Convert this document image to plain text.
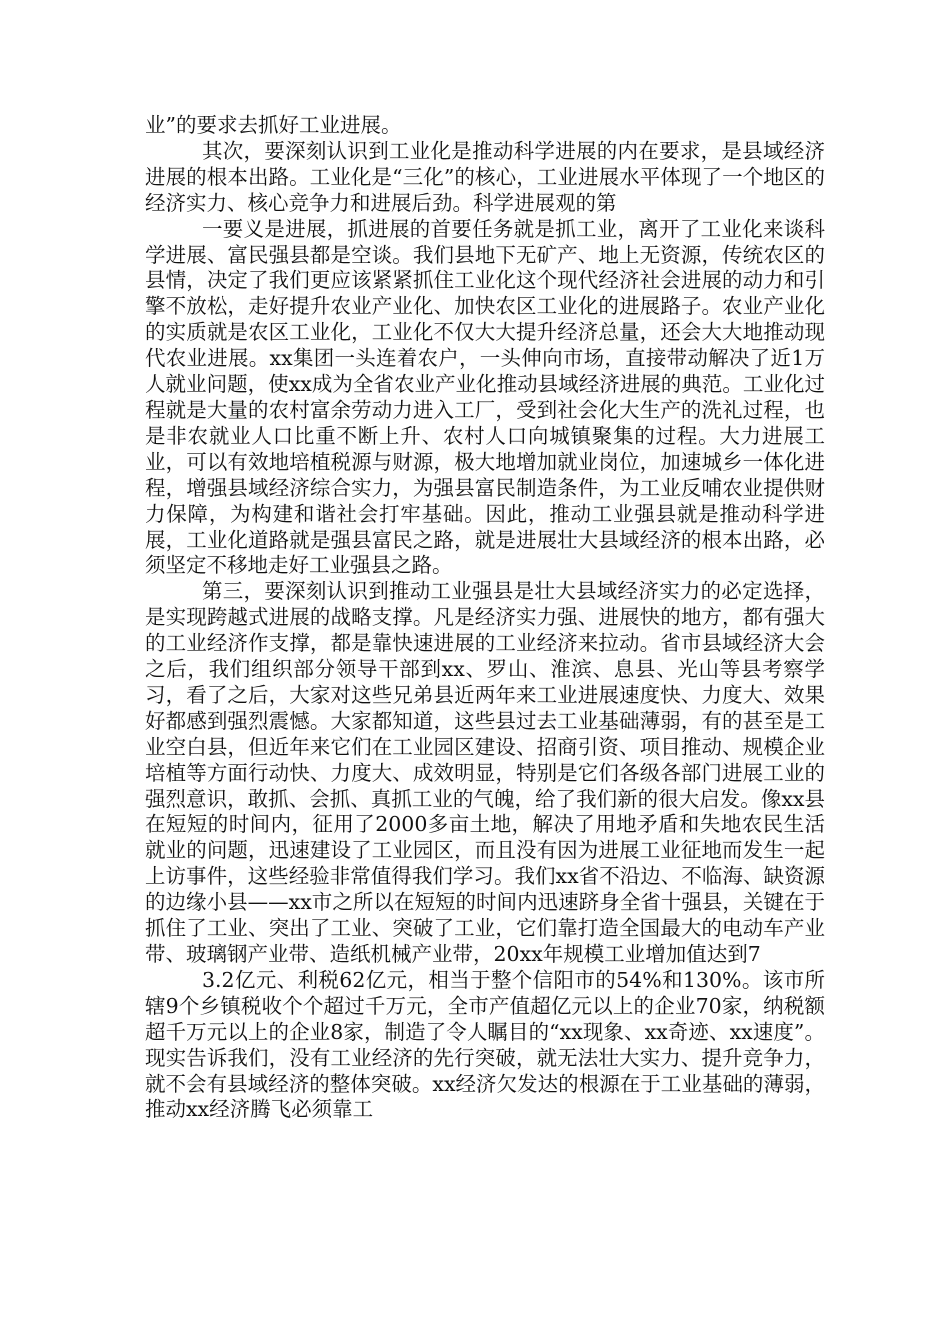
业”的要求去抓好工业进展。

其次，要深刻认识到工业化是推动科学进展的内在要求，是县域经济进展的根本出路。工业化是“三化”的核心，工业进展水平体现了一个地区的经济实力、核心竞争力和进展后劲。科学进展观的第

一要义是进展，抓进展的首要任务就是抓工业，离开了工业化来谈科学进展、富民强县都是空谈。我们县地下无矿产、地上无资源，传统农区的县情，决定了我们更应该紧紧抓住工业化这个现代经济社会进展的动力和引擎不放松，走好提升农业产业化、加快农区工业化的进展路子。农业产业化的实质就是农区工业化，工业化不仅大大提升经济总量，还会大大地推动现代农业进展。xx集团一头连着农户，一头伸向市场，直接带动解决了近1万人就业问题，使xx成为全省农业产业化推动县域经济进展的典范。工业化过程就是大量的农村富余劳动力进入工厂，受到社会化大生产的洗礼过程，也是非农就业人口比重不断上升、农村人口向城镇聚集的过程。大力进展工业，可以有效地培植税源与财源，极大地增加就业岗位，加速城乡一体化进程，增强县域经济综合实力，为强县富民制造条件，为工业反哺农业提供财力保障，为构建和谐社会打牢基础。因此，推动工业强县就是推动科学进展，工业化道路就是强县富民之路，就是进展壮大县域经济的根本出路，必须坚定不移地走好工业强县之路。

第三，要深刻认识到推动工业强县是壮大县域经济实力的必定选择，是实现跨越式进展的战略支撑。凡是经济实力强、进展快的地方，都有强大的工业经济作支撑，都是靠快速进展的工业经济来拉动。省市县域经济大会之后，我们组织部分领导干部到xx、罗山、淮滨、息县、光山等县考察学习，看了之后，大家对这些兄弟县近两年来工业进展速度快、力度大、效果好都感到强烈震憾。大家都知道，这些县过去工业基础薄弱，有的甚至是工业空白县，但近年来它们在工业园区建设、招商引资、项目推动、规模企业培植等方面行动快、力度大、成效明显，特别是它们各级各部门进展工业的强烈意识，敢抓、会抓、真抓工业的气魄，给了我们新的很大启发。像xx县在短短的时间内，征用了2000多亩土地，解决了用地矛盾和失地农民生活就业的问题，迅速建设了工业园区，而且没有因为进展工业征地而发生一起上访事件，这些经验非常值得我们学习。我们xx省不沿边、不临海、缺资源的边缘小县——xx市之所以在短短的时间内迅速跻身全省十强县，关键在于抓住了工业、突出了工业、突破了工业，它们靠打造全国最大的电动车产业带、玻璃钢产业带、造纸机械产业带，20xx年规模工业增加值达到7

3.2亿元、利税62亿元，相当于整个信阳市的54%和130%。该市所辖9个乡镇税收个个超过千万元，全市产值超亿元以上的企业70家，纳税额超千万元以上的企业8家，制造了令人瞩目的“xx现象、xx奇迹、xx速度”。现实告诉我们，没有工业经济的先行突破，就无法壮大实力、提升竞争力，就不会有县域经济的整体突破。xx经济欠发达的根源在于工业基础的薄弱，推动xx经济腾飞必须靠工
